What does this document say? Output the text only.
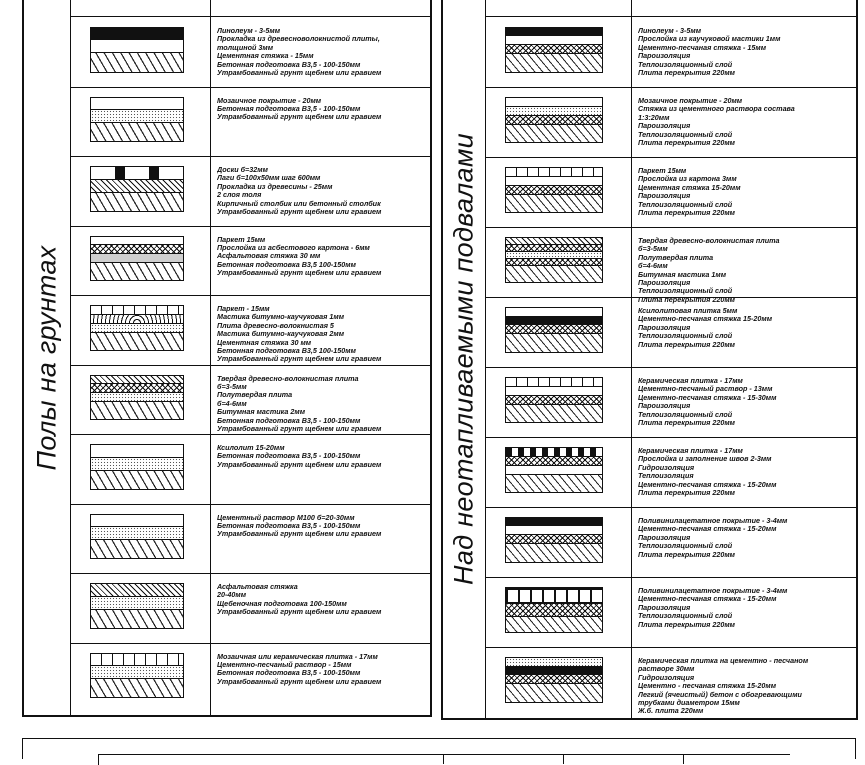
Полы на грунтах
Линолеум - 3-5мм
Прокладка из древесноволокнистой плиты,
толщиной 3мм
Цементная стяжка - 15мм
Бетонная подготовка B3,5 - 100-150мм
Утрамбованный грунт щебнем или гравием
Мозаичное покрытие - 20мм
Бетонная подготовка B3,5 - 100-150мм
Утрамбованный грунт щебнем или гравием
Доски б=32мм
Лаги б=100х50мм шаг 600мм
Прокладка из древесины - 25мм
2 слоя толя
Кирпичный столбик или бетонный столбик
Утрамбованный грунт щебнем или гравием
Паркет 15мм
Прослойка из асбестового картона - 6мм
Асфальтовая стяжка 30 мм
Бетонная подготовка B3,5 100-150мм
Утрамбованный грунт щебнем или гравием
Паркет - 15мм
Мастика битумно-каучуковая 1мм
Плита древесно-волокнистая 5
Мастика битумно-каучуковая 2мм
Цементная стяжка 30 мм
Бетонная подготовка B3,5 100-150мм
Утрамбованный грунт щебнем или гравием
Твердая древесно-волокнистая плита
б=3-5мм
Полутвердая плита
б=4-6мм
Битумная мастика 2мм
Бетонная подготовка B3,5 - 100-150мм
Утрамбованный грунт щебнем или гравием
Ксилолит 15-20мм
Бетонная подготовка B3,5 - 100-150мм
Утрамбованный грунт щебнем или гравием
Цементный раствор М100 б=20-30мм
Бетонная подготовка B3,5 - 100-150мм
Утрамбованный грунт щебнем или гравием
Асфальтовая стяжка
20-40мм
Щебеночная подготовка 100-150мм
Утрамбованный грунт щебнем или гравием
Мозаичная или керамическая плитка - 17мм
Цементно-песчаный раствор - 15мм
Бетонная подготовка B3,5 - 100-150мм
Утрамбованный грунт щебнем или гравием
Над неотапливаемыми подвалами
Линолеум - 3-5мм
Прослойка из каучуковой мастики 1мм
Цементно-песчаная стяжка - 15мм
Пароизоляция
Теплоизоляционный слой
Плита перекрытия 220мм
Мозаичное покрытие - 20мм
Стяжка из цементного раствора состава
1:3:20мм
Пароизоляция
Теплоизоляционный слой
Плита перекрытия 220мм
Паркет 15мм
Прослойка из картона 3мм
Цементная стяжка 15-20мм
Пароизоляция
Теплоизоляционный слой
Плита перекрытия 220мм
Твердая древесно-волокнистая плита
б=3-5мм
Полутвердая плита
б=4-6мм
Битумная мастика 1мм
Пароизоляция
Теплоизоляционный слой
Плита перекрытия 220мм
Ксилолитовая плитка 5мм
Цементно-песчаная стяжка 15-20мм
Пароизоляция
Теплоизоляционный слой
Плита перекрытия 220мм
Керамическая плитка - 17мм
Цементно-песчаный раствор - 13мм
Цементно-песчаная стяжка - 15-30мм
Пароизоляция
Теплоизоляционный слой
Плита перекрытия 220мм
Керамическая плитка - 17мм
Прослойка и заполнение швов 2-3мм
Гидроизоляция
Теплоизоляция
Цементно-песчаная стяжка - 15-20мм
Плита перекрытия 220мм
Поливинилацетатное покрытие - 3-4мм
Цементно-песчаная стяжка - 15-20мм
Пароизоляция
Теплоизоляционный слой
Плита перекрытия 220мм
Поливинилацетатное покрытие - 3-4мм
Цементно-песчаная стяжка - 15-20мм
Пароизоляция
Теплоизоляционный слой
Плита перекрытия 220мм
Керамическая плитка на цементно - песчаном
растворе 30мм
Гидроизоляция
Цементно - песчаная стяжка 15-20мм
Легкий (ячеистый) бетон с обогревающими
трубками диаметром 15мм
Ж.б. плита 220мм
